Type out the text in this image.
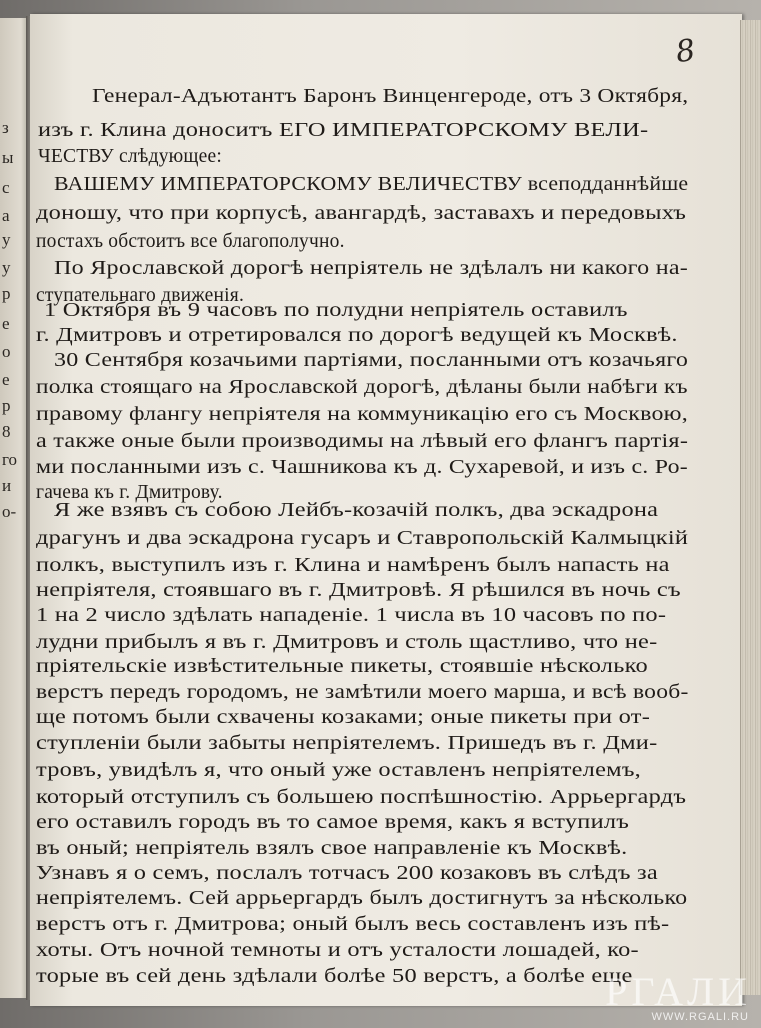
з
ы
с
а
у
у
р
е
о
е
р
8
го
и
о-
8
Генерал-Адъютантъ Баронъ Винценгероде, отъ 3 Октября,
изъ г. Клина доноситъ ЕГО ИМПЕРАТОРСКОМУ ВЕЛИ-
ЧЕСТВУ слѣдующее:
ВАШЕМУ ИМПЕРАТОРСКОМУ ВЕЛИЧЕСТВУ всеподданнѣйше
доношу, что при корпусѣ, авангардѣ, заставахъ и передовыхъ
постахъ обстоитъ все благополучно.
По Ярославской дорогѣ непріятель не здѣлалъ ни какого на-
ступательнаго движенія.
1 Октября въ 9 часовъ по полудни непріятель оставилъ
г. Дмитровъ и отретировался по дорогѣ ведущей къ Москвѣ.
30 Сентября козачьими партіями, посланными отъ козачьяго
полка стоящаго на Ярославской дорогѣ, дѣланы были набѣги къ
правому флангу непріятеля на коммуникацію его съ Москвою,
а также оные были производимы на лѣвый его флангъ партія-
ми посланными изъ с. Чашникова къ д. Сухаревой, и изъ с. Ро-
гачева къ г. Дмитрову.
Я же взявъ съ собою Лейбъ-козачій полкъ, два эскадрона
драгунъ и два эскадрона гусаръ и Ставропольскій Калмыцкій
полкъ, выступилъ изъ г. Клина и намѣренъ былъ напасть на
непріятеля, стоявшаго въ г. Дмитровѣ. Я рѣшился въ ночь съ
1 на 2 число здѣлать нападеніе. 1 числа въ 10 часовъ по по-
лудни прибылъ я въ г. Дмитровъ и столь щастливо, что не-
пріятельскіе извѣстительные пикеты, стоявшіе нѣсколько
верстъ передъ городомъ, не замѣтили моего марша, и всѣ вооб-
ще потомъ были схвачены козаками; оные пикеты при от-
ступленіи были забыты непріятелемъ. Пришедъ въ г. Дми-
тровъ, увидѣлъ я, что оный уже оставленъ непріятелемъ,
который отступилъ съ большею поспѣшностію. Аррьергардъ
его оставилъ городъ въ то самое время, какъ я вступилъ
въ оный; непріятель взялъ свое направленіе къ Москвѣ.
Узнавъ я о семъ, послалъ тотчасъ 200 козаковъ въ слѣдъ за
непріятелемъ. Сей аррьергардъ былъ достигнутъ за нѣсколько
верстъ отъ г. Дмитрова; оный былъ весь составленъ изъ пѣ-
хоты. Отъ ночной темноты и отъ усталости лошадей, ко-
торые въ сей день здѣлали болѣе 50 верстъ, а болѣе еще
РГАЛИ
WWW.RGALI.RU
